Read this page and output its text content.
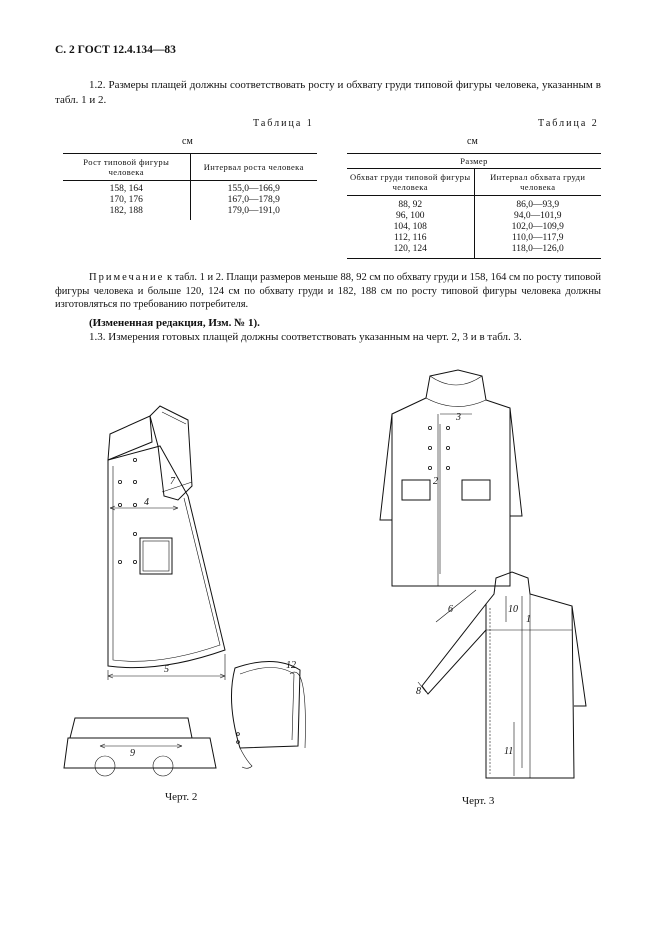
С. 2 ГОСТ 12.4.134—83
1.2. Размеры плащей должны соответствовать росту и обхвату груди типовой фигуры человека, указанным в табл. 1 и 2.
Таблица 1
см
Рост типовой фигуры человека	Интервал роста человека
158, 164	155,0—166,9
170, 176	167,0—178,9
182, 188	179,0—191,0
Таблица 2
см
Размер	
Обхват груди типовой фигуры человека	Интервал обхвата груди человека
88, 92	86,0—93,9
96, 100	94,0—101,9
104, 108	102,0—109,9
112, 116	110,0—117,9
120, 124	118,0—126,0
Примечание к табл. 1 и 2. Плащи размеров меньше 88, 92 см по обхвату груди и 158, 164 см по росту типовой фигуры человека и больше 120, 124 см по обхвату груди и 182, 188 см по росту типовой фигуры человека должны изготовляться по требованию потребителя.
(Измененная редакция, Изм. № 1).
1.3. Измерения готовых плащей должны соответствовать указанным на черт. 2, 3 и в табл. 3.
4
7
5	12
9
Черт. 2
3
2
10
1
6
8
11
Черт. 3
